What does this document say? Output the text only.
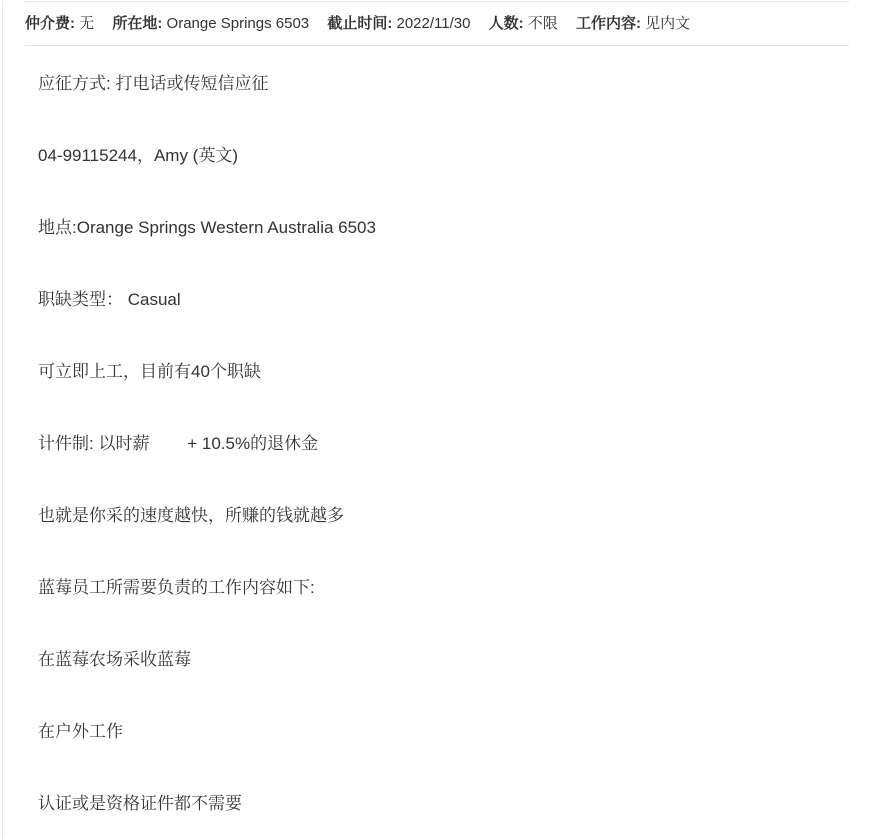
仲介费: 无 所在地: Orange Springs 6503 截止时间: 2022/11/30 人数: 不限 工作内容: 见内文

应征方式: 打电话或传短信应征

04-99115244，Amy (英文)

地点:Orange Springs Western Australia 6503

职缺类型： Casual

可立即上工，目前有40个职缺

计件制: 以时薪        + 10.5%的退休金

也就是你采的速度越快，所赚的钱就越多

蓝莓员工所需要负责的工作内容如下:

在蓝莓农场采收蓝莓

在户外工作

认证或是资格证件都不需要
